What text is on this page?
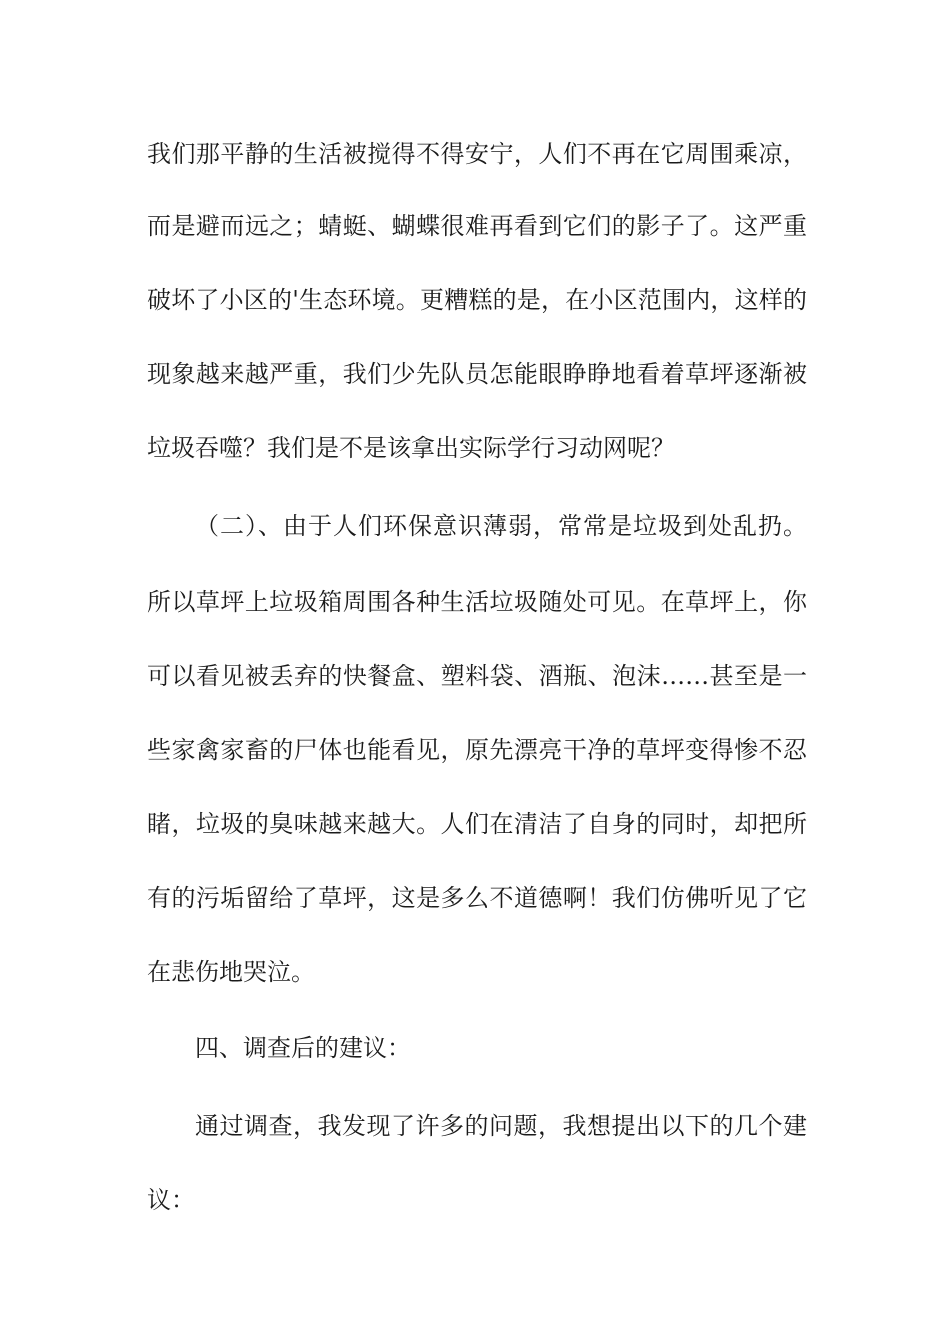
我们那平静的生活被搅得不得安宁，人们不再在它周围乘凉，
而是避而远之；蜻蜓、蝴蝶很难再看到它们的影子了。这严重
破坏了小区的'生态环境。更糟糕的是，在小区范围内，这样的
现象越来越严重，我们少先队员怎能眼睁睁地看着草坪逐渐被
垃圾吞噬？我们是不是该拿出实际学行习动网呢？
（二）、由于人们环保意识薄弱，常常是垃圾到处乱扔。
所以草坪上垃圾箱周围各种生活垃圾随处可见。在草坪上，你
可以看见被丢弃的快餐盒、塑料袋、酒瓶、泡沫……甚至是一
些家禽家畜的尸体也能看见，原先漂亮干净的草坪变得惨不忍
睹，垃圾的臭味越来越大。人们在清洁了自身的同时，却把所
有的污垢留给了草坪，这是多么不道德啊！我们仿佛听见了它
在悲伤地哭泣。
四、调查后的建议：
通过调查，我发现了许多的问题，我想提出以下的几个建
议：
